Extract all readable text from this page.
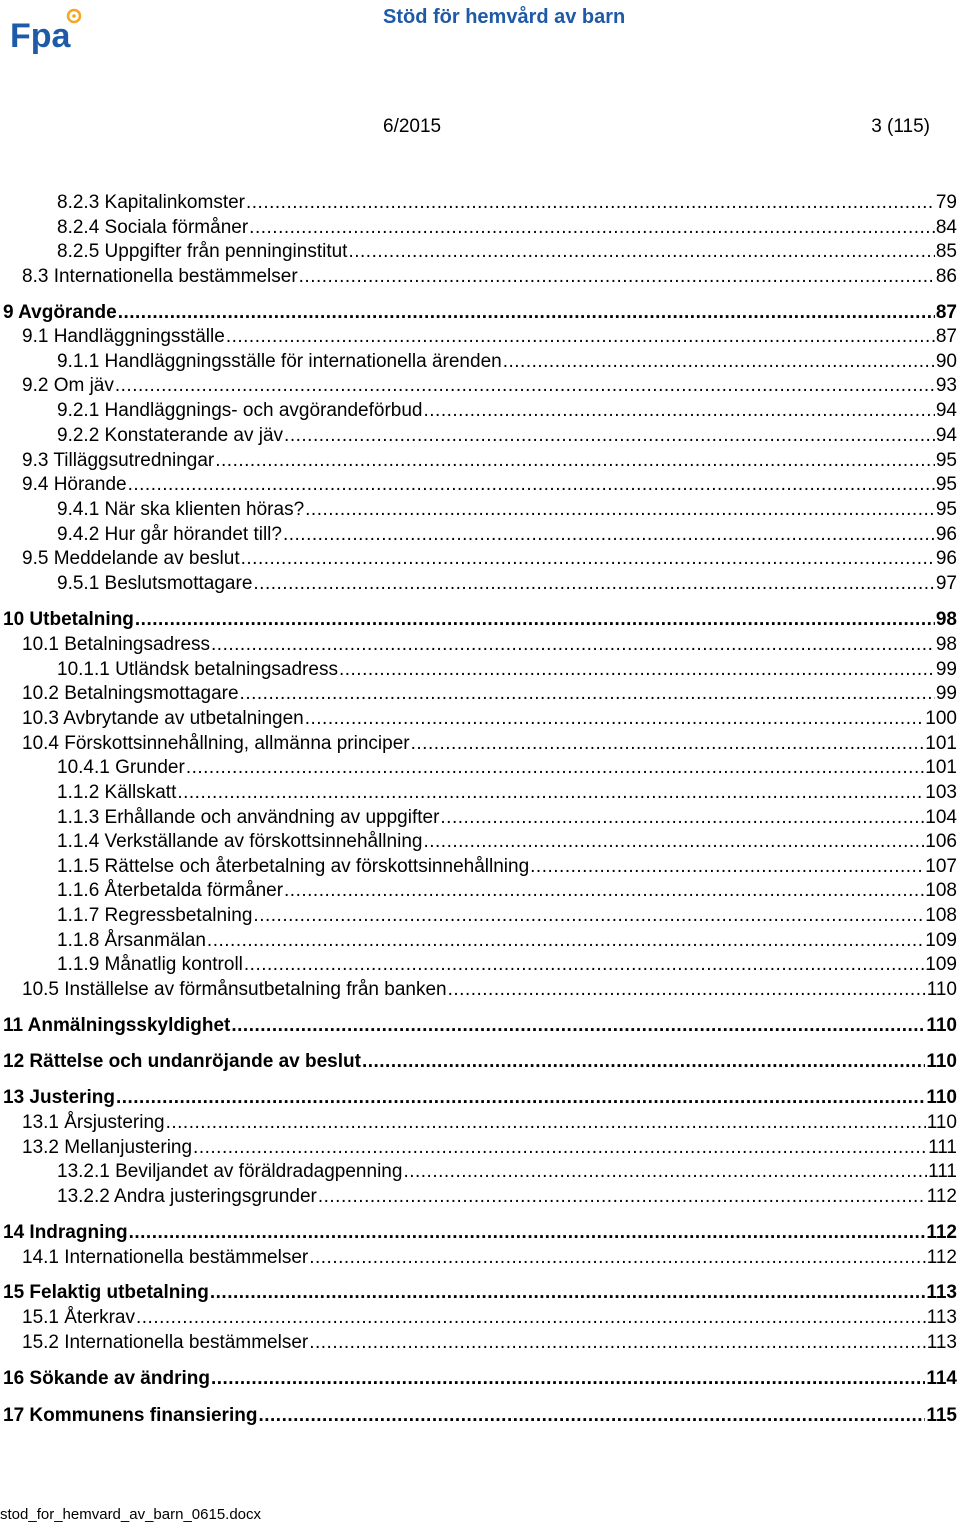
Fpa	Stöd för hemvård av barn
6/2015	3 (115)
8.2.3 Kapitalinkomster .....	79
8.2.4 Sociala förmåner .....	84
8.2.5 Uppgifter från penninginstitut .....	85
8.3 Internationella bestämmelser .....	86
9 Avgörande .....	87
9.1 Handläggningsställe .....	87
9.1.1 Handläggningsställe för internationella ärenden .....	90
9.2 Om jäv .....	93
9.2.1 Handläggnings- och avgörandeförbud .....	94
9.2.2 Konstaterande av jäv .....	94
9.3 Tilläggsutredningar .....	95
9.4 Hörande .....	95
9.4.1 När ska klienten höras? .....	95
9.4.2 Hur går hörandet till? .....	96
9.5 Meddelande av beslut .....	96
9.5.1 Beslutsmottagare .....	97
10 Utbetalning .....	98
10.1 Betalningsadress .....	98
10.1.1 Utländsk betalningsadress .....	99
10.2 Betalningsmottagare .....	99
10.3 Avbrytande av utbetalningen .....	100
10.4 Förskottsinnehållning, allmänna principer .....	101
10.4.1 Grunder .....	101
1.1.2 Källskatt .....	103
1.1.3 Erhållande och användning av uppgifter .....	104
1.1.4 Verkställande av förskottsinnehållning .....	106
1.1.5 Rättelse och återbetalning av förskottsinnehållning .....	107
1.1.6 Återbetalda förmåner .....	108
1.1.7 Regressbetalning .....	108
1.1.8 Årsanmälan .....	109
1.1.9 Månatlig kontroll .....	109
10.5 Inställelse av förmånsutbetalning från banken .....	110
11 Anmälningsskyldighet .....	110
12 Rättelse och undanröjande av beslut .....	110
13 Justering .....	110
13.1 Årsjustering .....	110
13.2 Mellanjustering .....	111
13.2.1 Beviljandet av föräldradagpenning .....	111
13.2.2 Andra justeringsgrunder .....	112
14 Indragning .....	112
14.1 Internationella bestämmelser .....	112
15 Felaktig utbetalning .....	113
15.1 Återkrav .....	113
15.2 Internationella bestämmelser .....	113
16 Sökande av ändring .....	114
17 Kommunens finansiering .....	115
stod_for_hemvard_av_barn_0615.docx
